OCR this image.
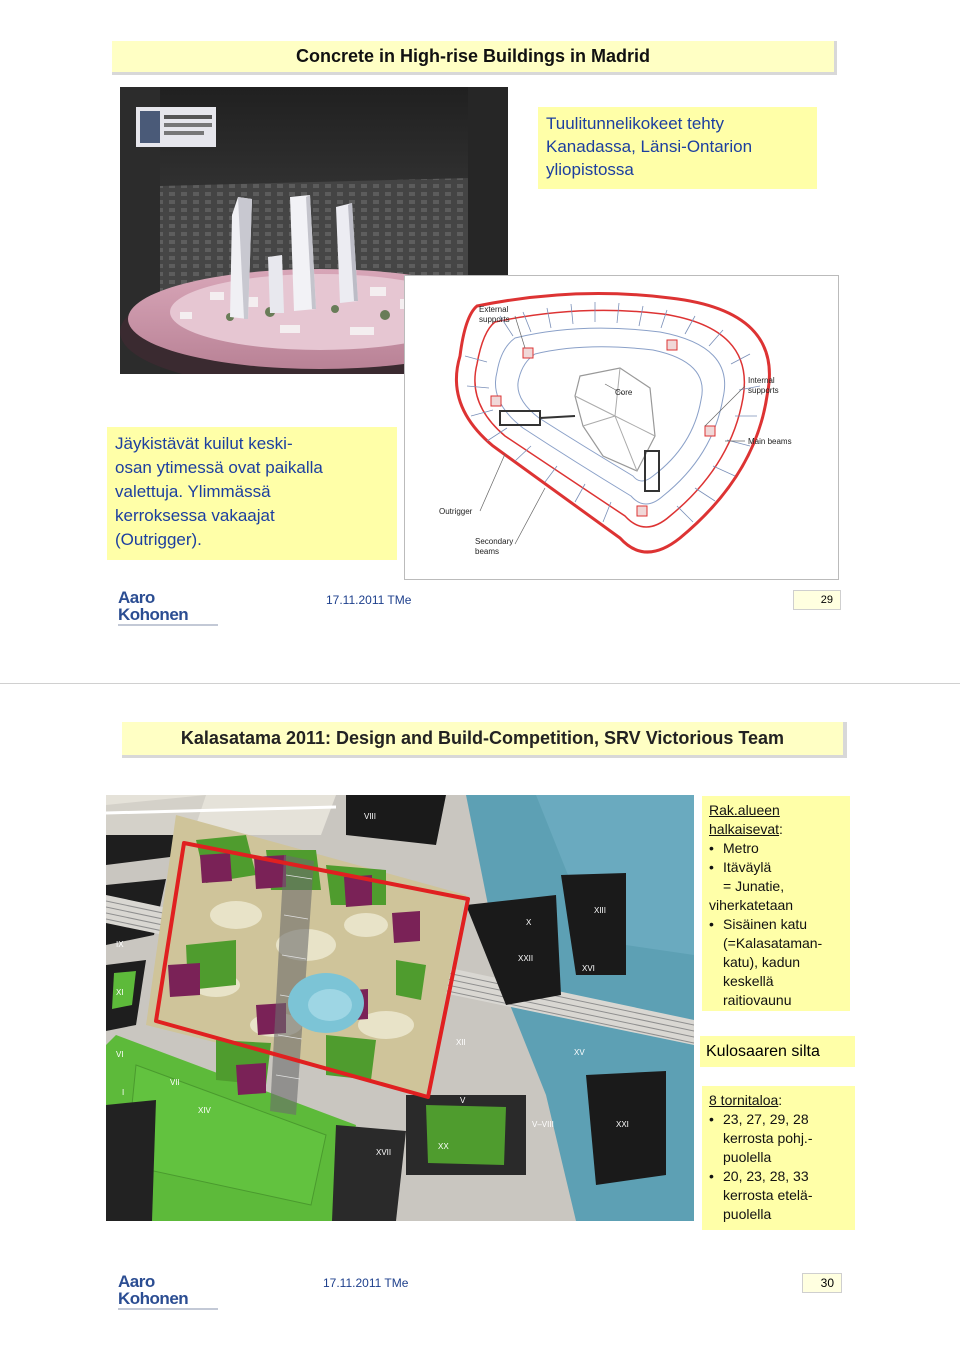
Concrete in High-rise Buildings in Madrid
External
supports
Core
Internal
supports
Main beams
Outrigger
Secondary
beams
Tuulitunnelikokeet tehty
Kanadassa, Länsi-Ontarion
yliopistossa
Jäykistävät kuilut keski-
osan ytimessä ovat paikalla
valettuja. Ylimmässä
kerroksessa vakaajat
(Outrigger).
Aaro Kohonen
17.11.2011 TMe	29
Kalasatama 2011: Design and Build-Competition, SRV Victorious Team
VIII
X
XIII
XXII
XVI
XII
XV
VI
I
VII
IX
XI
XIV
XX
V
V–VIII	XXI
XVII
Rak.alueen
halkaisevat:
• Metro
• Itäväylä
= Junatie,
viherkatetaan
• Sisäinen katu
(=Kalasataman-
katu), kadun
keskellä
raitiovaunu
Kulosaaren silta
8 tornitaloa:
• 23, 27, 29, 28
kerrosta pohj.-
puolella
• 20, 23, 28, 33
kerrosta etelä-
puolella
Aaro Kohonen
17.11.2011 TMe	30
